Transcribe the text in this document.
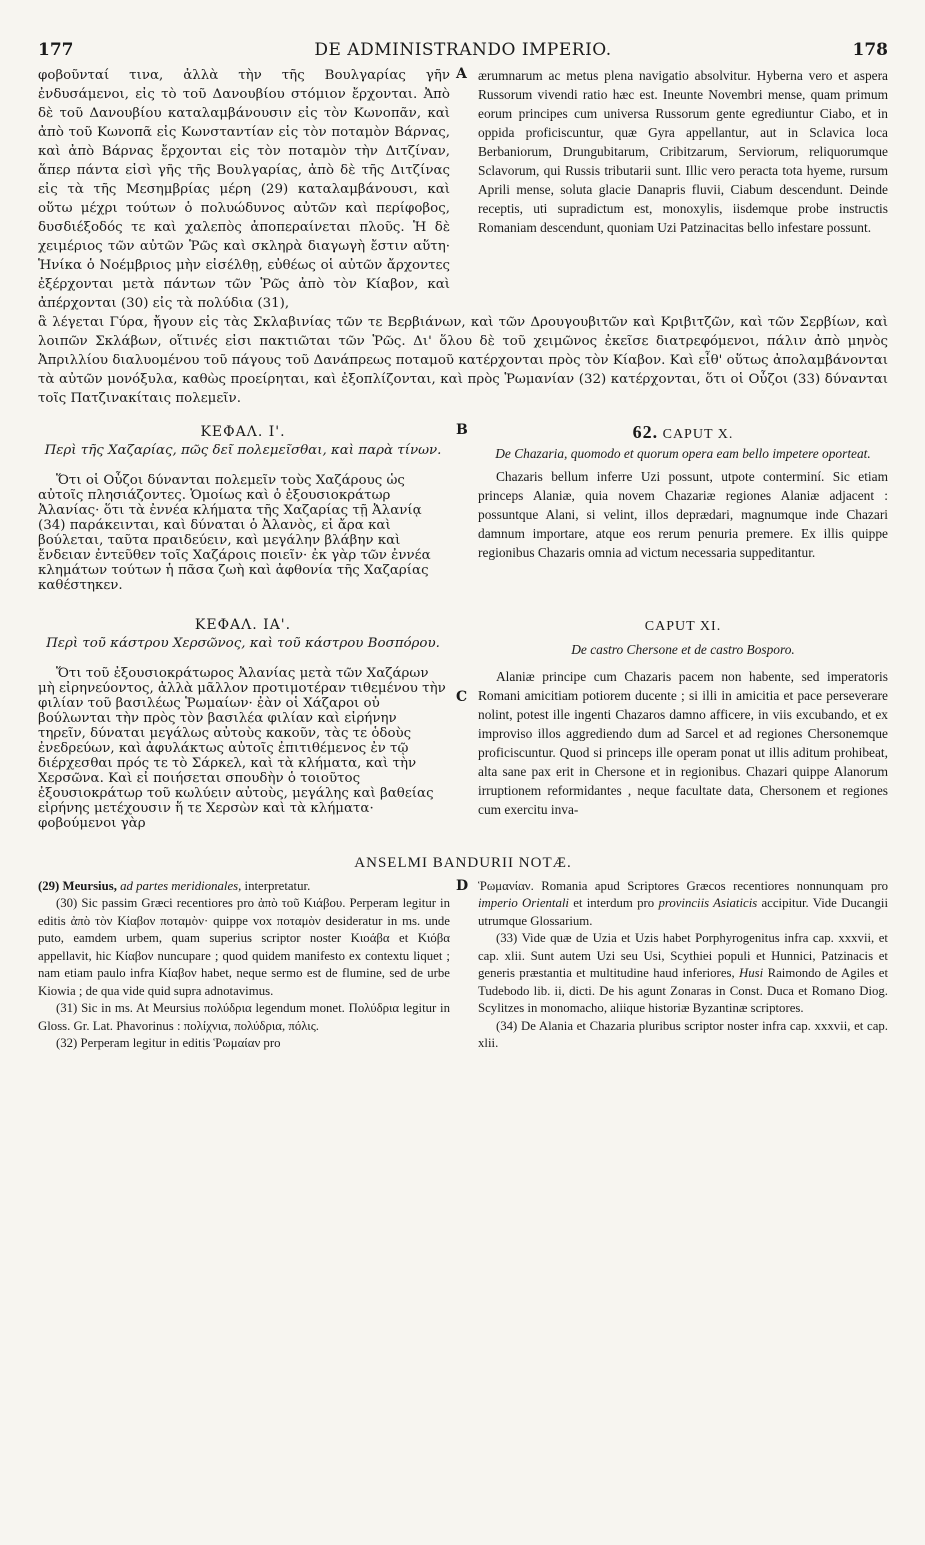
177	DE ADMINISTRANDO IMPERIO.	178
A

φοβοῦνταί τινα, ἀλλὰ τὴν τῆς Βουλγαρίας γῆν ἐνδυσάμενοι, εἰς τὸ τοῦ Δανουβίου στόμιον ἔρχονται. Ἀπὸ δὲ τοῦ Δανουβίου καταλαμβάνουσιν εἰς τὸν Κωνοπᾶν, καὶ ἀπὸ τοῦ Κωνοπᾶ εἰς Κωνσταντίαν εἰς τὸν ποταμὸν Βάρνας, καὶ ἀπὸ Βάρνας ἔρχονται εἰς τὸν ποταμὸν τὴν Διτζίναν, ἅπερ πάντα εἰσὶ γῆς τῆς Βουλγαρίας, ἀπὸ δὲ τῆς Διτζίνας εἰς τὰ τῆς Μεσημβρίας μέρη (29) καταλαμβάνουσι, καὶ οὕτω μέχρι τούτων ὁ πολυώδυνος αὐτῶν καὶ περίφοβος, δυσδιέξοδός τε καὶ χαλεπὸς ἀποπεραίνεται πλοῦς. Ἡ δὲ χειμέριος τῶν αὐτῶν Ῥῶς καὶ σκληρὰ διαγωγὴ ἔστιν αὕτη· Ἡνίκα ὁ Νοέμβριος μὴν εἰσέλθῃ, εὐθέως οἱ αὐτῶν ἄρχοντες ἐξέρχονται μετὰ πάντων τῶν Ῥῶς ἀπὸ τὸν Κίαβον, καὶ ἀπέρχονται (30) εἰς τὰ πολύδια (31),

ærumnarum ac metus plena navigatio absolvitur. Hyberna vero et aspera Russorum vivendi ratio hæc est. Ineunte Novembri mense, quam primum eorum principes cum universa Russorum gente egrediuntur Ciabo, et in oppida proficiscuntur, quæ Gyra appellantur, aut in Sclavica loca Berbaniorum, Drungubitarum, Cribitzarum, Serviorum, reliquorumque Sclavorum, qui Russis tributarii sunt. Illic vero peracta tota hyeme, rursum Aprili mense, soluta glacie Danapris fluvii, Ciabum descendunt. Deinde receptis, uti supradictum est, monoxylis, iisdemque probe instructis Romaniam descendunt, quoniam Uzi Patzinacitas bello infestare possunt.

ἃ λέγεται Γύρα, ἤγουν εἰς τὰς Σκλαβινίας τῶν τε Βερβιάνων, καὶ τῶν Δρουγουβιτῶν καὶ Κριβιτζῶν, καὶ τῶν Σερβίων, καὶ λοιπῶν Σκλάβων, οἵτινές εἰσι πακτιῶται τῶν Ῥῶς. Δι' ὅλου δὲ τοῦ χειμῶνος ἐκεῖσε διατρεφόμενοι, πάλιν ἀπὸ μηνὸς Ἀπριλλίου διαλυομένου τοῦ πάγους τοῦ Δανάπρεως ποταμοῦ κατέρχονται πρὸς τὸν Κίαβον. Καὶ εἶθ' οὕτως ἀπολαμβάνονται τὰ αὐτῶν μονόξυλα, καθὼς προείρηται, καὶ ἐξοπλίζονται, καὶ πρὸς Ῥωμανίαν (32) κατέρχονται, ὅτι οἱ Οὖζοι (33) δύνανται τοῖς Πατζινακίταις πολεμεῖν.

B
ΚΕΦΑΛ. Ι'.
Περὶ τῆς Χαζαρίας, πῶς δεῖ πολεμεῖσθαι, καὶ παρὰ τίνων.

Ὅτι οἱ Οὖζοι δύνανται πολεμεῖν τοὺς Χαζάρους ὡς αὐτοῖς πλησιάζοντες. Ὁμοίως καὶ ὁ ἐξουσιοκράτωρ Ἀλανίας· ὅτι τὰ ἐννέα κλήματα τῆς Χαζαρίας τῇ Ἀλανίᾳ (34) παράκεινται, καὶ δύναται ὁ Ἀλανὸς, εἰ ἄρα καὶ βούλεται, ταῦτα πραιδεύειν, καὶ μεγάλην βλάβην καὶ ἔνδειαν ἐντεῦθεν τοῖς Χαζάροις ποιεῖν· ἐκ γὰρ τῶν ἐννέα κλημάτων τούτων ἡ πᾶσα ζωὴ καὶ ἀφθονία τῆς Χαζαρίας καθέστηκεν.

62. CAPUT X.
De Chazaria, quomodo et quorum opera eam bello impetere oporteat.

Chazaris bellum inferre Uzi possunt, utpote conterminí. Sic etiam princeps Alaniæ, quia novem Chazariæ regiones Alaniæ adjacent : possuntque Alani, si velint, illos deprædari, magnumque inde Chazari damnum importare, atque eos rerum penuria premere. Ex illis quippe regionibus Chazaris omnia ad victum necessaria suppeditantur.

C
ΚΕΦΑΛ. ΙΑ'.
Περὶ τοῦ κάστρου Χερσῶνος, καὶ τοῦ κάστρου Βοσπόρου.

Ὅτι τοῦ ἐξουσιοκράτωρος Ἀλανίας μετὰ τῶν Χαζάρων μὴ εἰρηνεύοντος, ἀλλὰ μᾶλλον προτιμοτέραν τιθεμένου τὴν φιλίαν τοῦ βασιλέως Ῥωμαίων· ἐὰν οἱ Χάζαροι οὐ βούλωνται τὴν πρὸς τὸν βασιλέα φιλίαν καὶ εἰρήνην τηρεῖν, δύναται μεγάλως αὐτοὺς κακοῦν, τὰς τε ὁδοὺς ἐνεδρεύων, καὶ ἀφυλάκτως αὐτοῖς ἐπιτιθέμενος ἐν τῷ διέρχεσθαι πρός τε τὸ Σάρκελ, καὶ τὰ κλήματα, καὶ τὴν Χερσῶνα. Καὶ εἰ ποιήσεται σπουδὴν ὁ τοιοῦτος ἐξουσιοκράτωρ τοῦ κωλύειν αὐτοὺς, μεγάλης καὶ βαθείας εἰρήνης μετέχουσιν ἥ τε Χερσὼν καὶ τὰ κλήματα· φοβούμενοι γὰρ

CAPUT XI.
De castro Chersone et de castro Bosporo.

Alaniæ principe cum Chazaris pacem non habente, sed imperatoris Romani amicitiam potiorem ducente ; si illi in amicitia et pace perseverare nolint, potest ille ingenti Chazaros damno afficere, in viis excubando, et ex improviso illos aggrediendo dum ad Sarcel et ad regiones Chersonemque proficiscuntur. Quod si princeps ille operam ponat ut illis aditum prohibeat, alta sane pax erit in Chersone et in regionibus. Chazari quippe Alanorum irruptionem reformidantes , neque facultate data, Chersonem et regiones cum exercitu inva-

ANSELMI BANDURII NOTÆ.
D

(29) Meursius, ad partes meridionales, interpretatur.

(30) Sic passim Græci recentiores pro ἀπὸ τοῦ Κιάβου. Perperam legitur in editis ἀπὸ τὸν Κίαβον ποταμὸν· quippe vox ποταμὸν desideratur in ms. unde puto, eamdem urbem, quam superius scriptor noster Κιοάβα et Κιόβα appellavit, hic Κίαβον nuncupare ; quod quidem manifesto ex contextu liquet ; nam etiam paulo infra Κίαβον habet, neque sermo est de flumine, sed de urbe Kiowia ; de qua vide quid supra adnotavimus.

(31) Sic in ms. At Meursius πολύδρια legendum monet. Πολύδρια legitur in Gloss. Gr. Lat. Phavorinus : πολίχνια, πολύδρια, πόλις.

(32) Perperam legitur in editis Ῥωμαίαν pro

Ῥωμανίαν. Romania apud Scriptores Græcos recentiores nonnunquam pro imperio Orientali et interdum pro provinciis Asiaticis accipitur. Vide Ducangii utrumque Glossarium.

(33) Vide quæ de Uzia et Uzis habet Porphyrogenitus infra cap. xxxvii, et cap. xlii. Sunt autem Uzi seu Usi, Scythiei populi et Hunnici, Patzinacis et generis præstantia et multitudine haud inferiores, Husi Raimondo de Agiles et Tudebodo lib. ii, dicti. De his agunt Zonaras in Const. Duca et Romano Diog. Scylitzes in monomacho, aliique historiæ Byzantinæ scriptores.

(34) De Alania et Chazaria pluribus scriptor noster infra cap. xxxvii, et cap. xlii.
